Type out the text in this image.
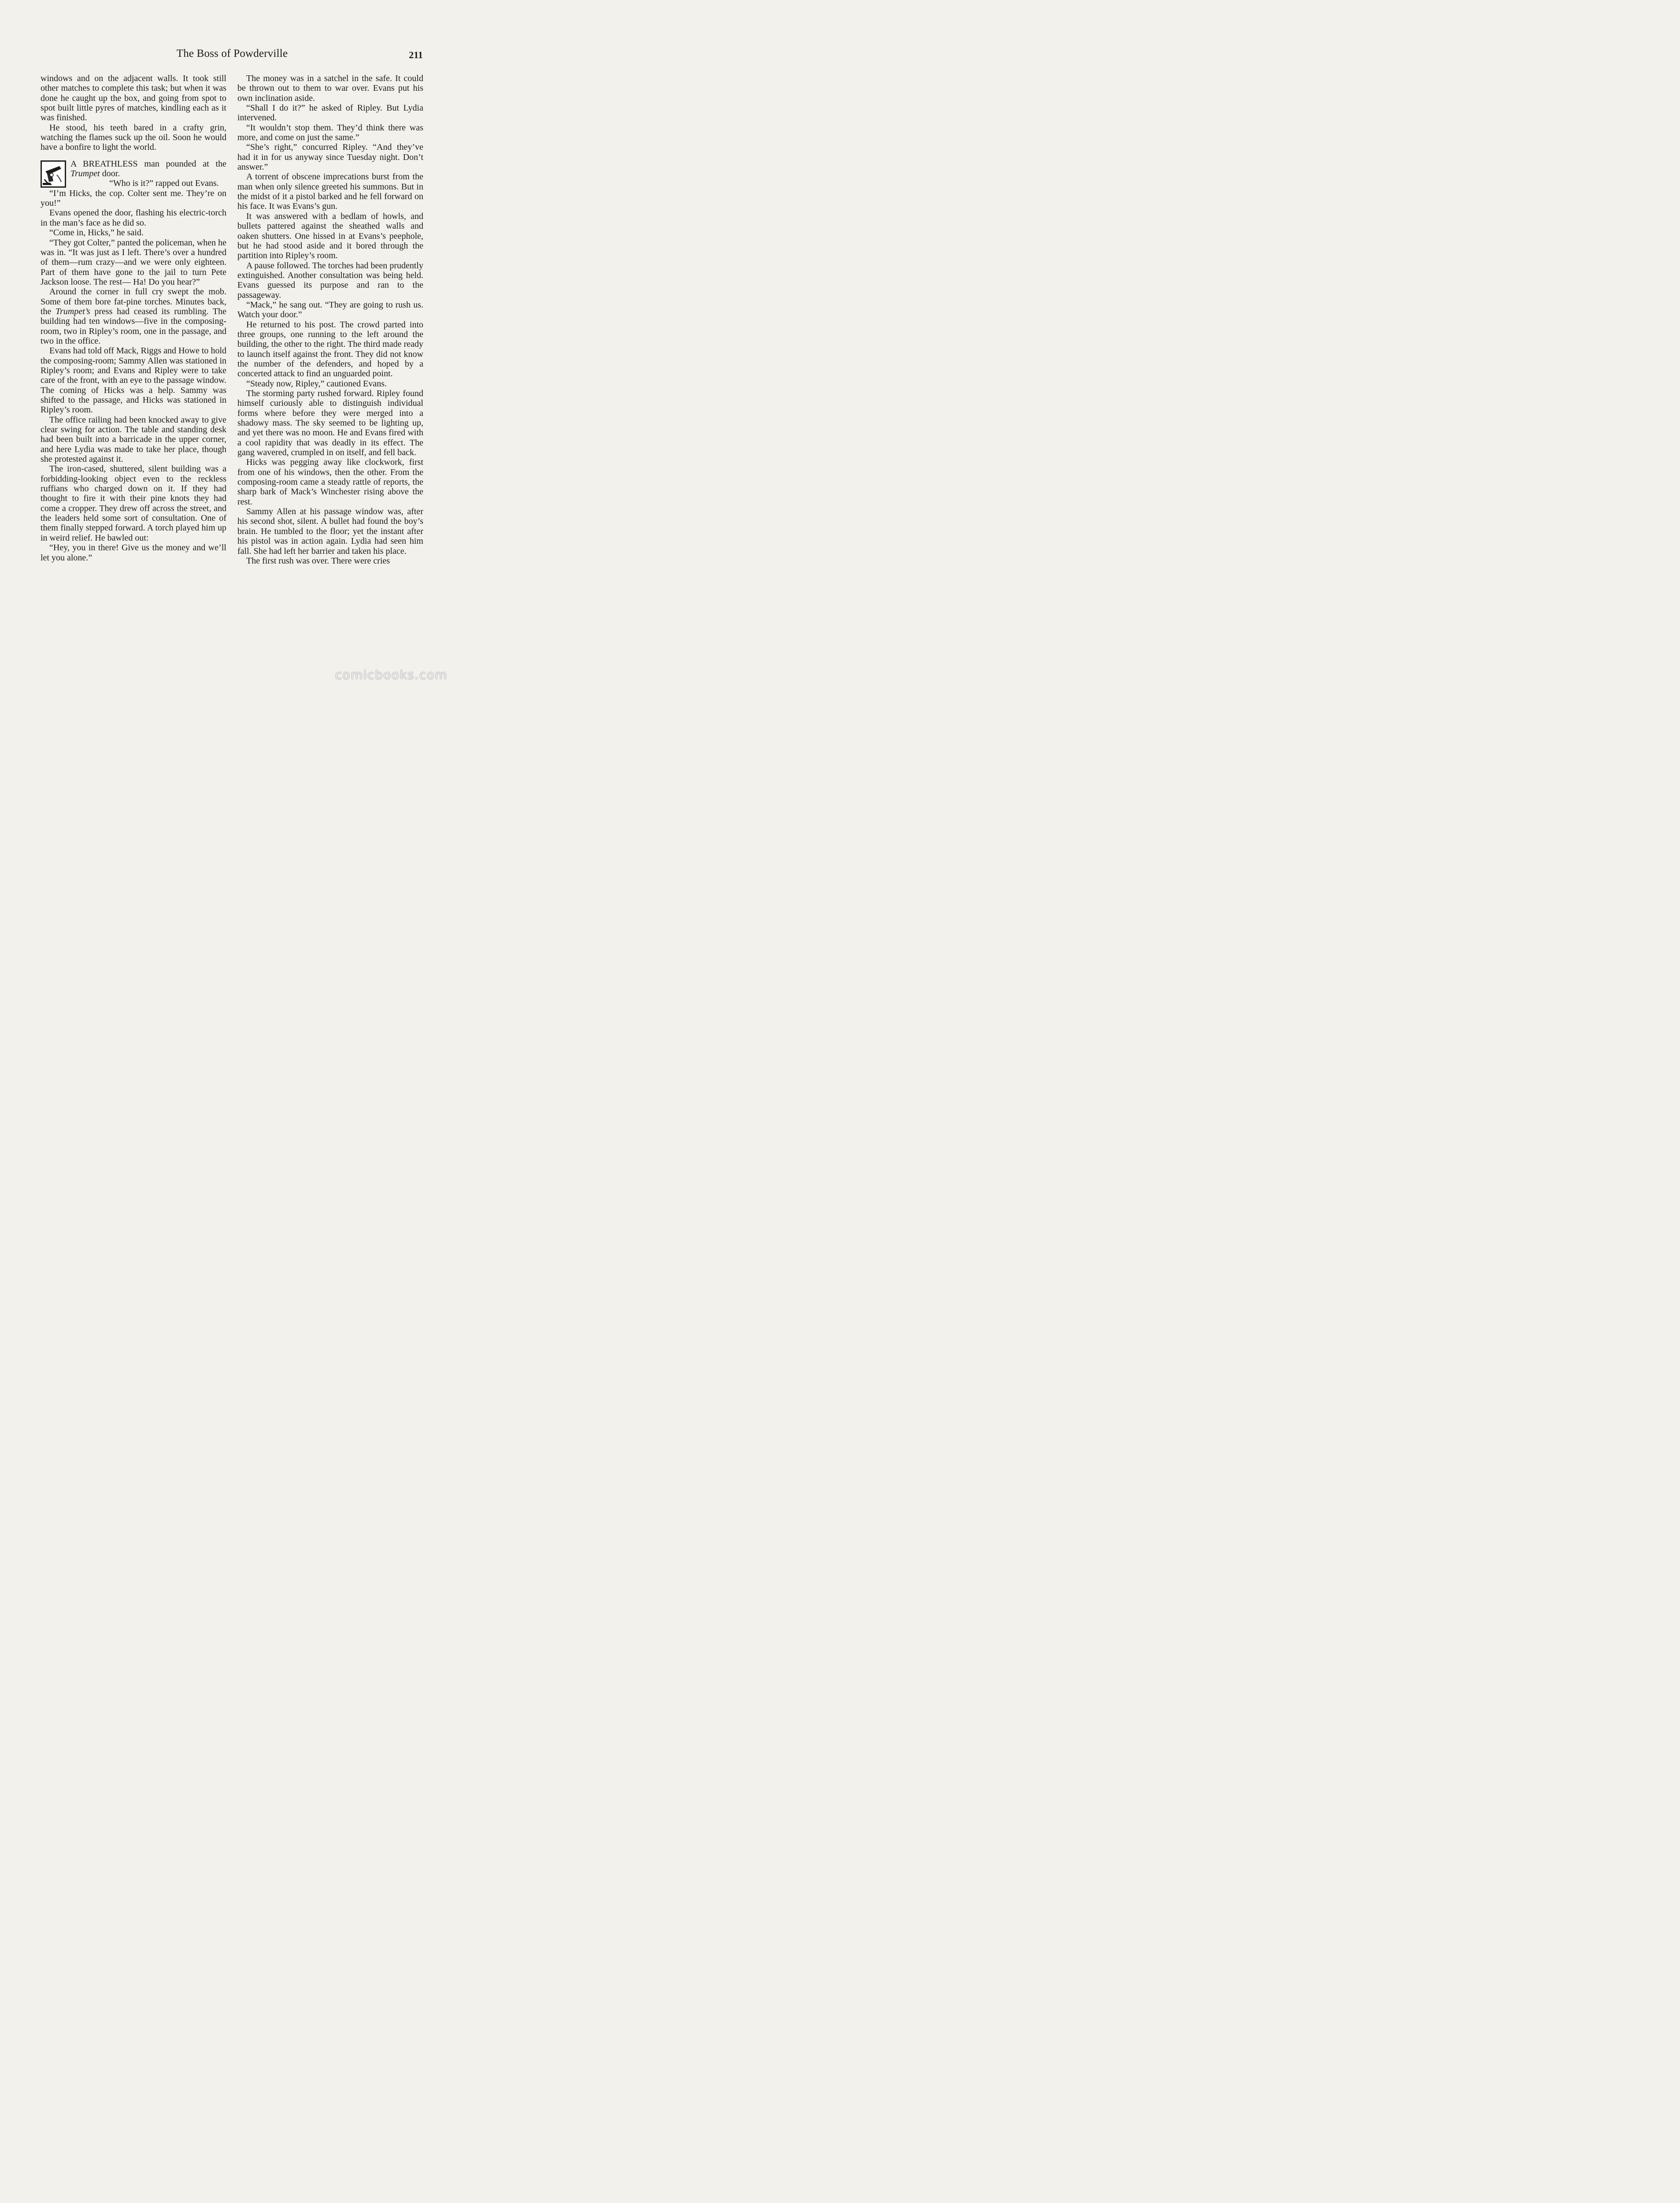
The Boss of Powderville	211

windows and on the adjacent walls. It took still other matches to complete this task; but when it was done he caught up the box, and going from spot to spot built little pyres of matches, kindling each as it was finished.

He stood, his teeth bared in a crafty grin, watching the flames suck up the oil. Soon he would have a bonfire to light the world.

A BREATHLESS man pounded at the Trumpet door.

“Who is it?” rapped out Evans.

“I’m Hicks, the cop. Colter sent me. They’re on you!”

Evans opened the door, flashing his electric-torch in the man’s face as he did so.

“Come in, Hicks,” he said.

“They got Colter,” panted the policeman, when he was in. “It was just as I left. There’s over a hundred of them—rum crazy—and we were only eighteen. Part of them have gone to the jail to turn Pete Jackson loose. The rest— Ha! Do you hear?”

Around the corner in full cry swept the mob. Some of them bore fat-pine torches. Minutes back, the Trumpet’s press had ceased its rumbling. The building had ten windows—five in the composing-room, two in Ripley’s room, one in the passage, and two in the office.

Evans had told off Mack, Riggs and Howe to hold the composing-room; Sammy Allen was stationed in Ripley’s room; and Evans and Ripley were to take care of the front, with an eye to the passage window. The coming of Hicks was a help. Sammy was shifted to the passage, and Hicks was stationed in Ripley’s room.

The office railing had been knocked away to give clear swing for action. The table and standing desk had been built into a barricade in the upper corner, and here Lydia was made to take her place, though she protested against it.

The iron-cased, shuttered, silent building was a forbidding-looking object even to the reckless ruffians who charged down on it. If they had thought to fire it with their pine knots they had come a cropper. They drew off across the street, and the leaders held some sort of consultation. One of them finally stepped forward. A torch played him up in weird relief. He bawled out:

“Hey, you in there! Give us the money and we’ll let you alone.”

The money was in a satchel in the safe. It could be thrown out to them to war over. Evans put his own inclination aside.

“Shall I do it?” he asked of Ripley. But Lydia intervened.

“It wouldn’t stop them. They’d think there was more, and come on just the same.”

“She’s right,” concurred Ripley. “And they’ve had it in for us anyway since Tuesday night. Don’t answer.”

A torrent of obscene imprecations burst from the man when only silence greeted his summons. But in the midst of it a pistol barked and he fell forward on his face. It was Evans’s gun.

It was answered with a bedlam of howls, and bullets pattered against the sheathed walls and oaken shutters. One hissed in at Evans’s peephole, but he had stood aside and it bored through the partition into Ripley’s room.

A pause followed. The torches had been prudently extinguished. Another consultation was being held. Evans guessed its purpose and ran to the passageway.

“Mack,” he sang out. “They are going to rush us. Watch your door.”

He returned to his post. The crowd parted into three groups, one running to the left around the building, the other to the right. The third made ready to launch itself against the front. They did not know the number of the defenders, and hoped by a concerted attack to find an unguarded point.

“Steady now, Ripley,” cautioned Evans.

The storming party rushed forward. Ripley found himself curiously able to distinguish individual forms where before they were merged into a shadowy mass. The sky seemed to be lighting up, and yet there was no moon. He and Evans fired with a cool rapidity that was deadly in its effect. The gang wavered, crumpled in on itself, and fell back.

Hicks was pegging away like clockwork, first from one of his windows, then the other. From the composing-room came a steady rattle of reports, the sharp bark of Mack’s Winchester rising above the rest.

Sammy Allen at his passage window was, after his second shot, silent. A bullet had found the boy’s brain. He tumbled to the floor; yet the instant after his pistol was in action again. Lydia had seen him fall. She had left her barrier and taken his place.

The first rush was over. There were cries

comicbooks.com
